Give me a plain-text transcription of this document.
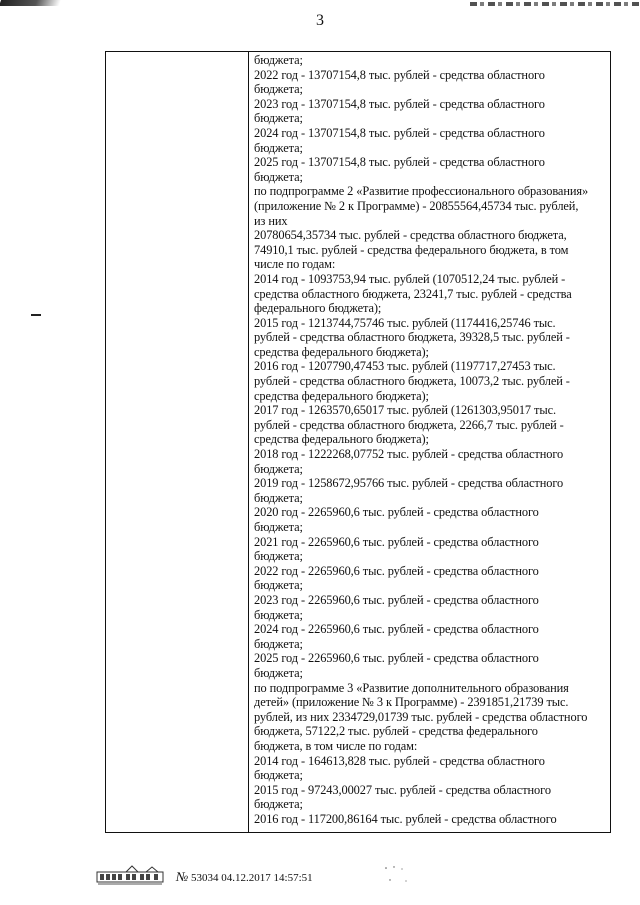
3
бюджета;
2022 год - 13707154,8 тыс. рублей - средства областного
бюджета;
2023 год - 13707154,8 тыс. рублей - средства областного
бюджета;
2024 год - 13707154,8 тыс. рублей - средства областного
бюджета;
2025 год - 13707154,8 тыс. рублей - средства областного
бюджета;
по подпрограмме 2 «Развитие профессионального образования»
(приложение № 2 к Программе) - 20855564,45734 тыс. рублей,
из них
20780654,35734 тыс. рублей - средства областного бюджета,
74910,1 тыс. рублей - средства федерального бюджета, в том
числе по годам:
2014 год - 1093753,94 тыс. рублей (1070512,24 тыс. рублей -
средства областного бюджета, 23241,7 тыс. рублей - средства
федерального бюджета);
2015 год - 1213744,75746 тыс. рублей (1174416,25746 тыс.
рублей - средства областного бюджета, 39328,5 тыс. рублей -
средства федерального бюджета);
2016 год - 1207790,47453 тыс. рублей (1197717,27453 тыс.
рублей - средства областного бюджета, 10073,2 тыс. рублей -
средства федерального бюджета);
2017 год - 1263570,65017 тыс. рублей (1261303,95017 тыс.
рублей - средства областного бюджета, 2266,7 тыс. рублей -
средства федерального бюджета);
2018 год - 1222268,07752 тыс. рублей - средства областного
бюджета;
2019 год - 1258672,95766 тыс. рублей - средства областного
бюджета;
2020 год - 2265960,6 тыс. рублей - средства областного
бюджета;
2021 год - 2265960,6 тыс. рублей - средства областного
бюджета;
2022 год - 2265960,6 тыс. рублей - средства областного
бюджета;
2023 год - 2265960,6 тыс. рублей - средства областного
бюджета;
2024 год - 2265960,6 тыс. рублей - средства областного
бюджета;
2025 год - 2265960,6 тыс. рублей - средства областного
бюджета;
по подпрограмме 3 «Развитие дополнительного образования
детей» (приложение № 3 к Программе) - 2391851,21739 тыс.
рублей, из них 2334729,01739 тыс. рублей - средства областного
бюджета, 57122,2 тыс. рублей - средства федерального
бюджета, в том числе по годам:
2014 год - 164613,828 тыс. рублей - средства областного
бюджета;
2015 год - 97243,00027 тыс. рублей - средства областного
бюджета;
2016 год - 117200,86164 тыс. рублей - средства областного
№ 53034 04.12.2017 14:57:51
